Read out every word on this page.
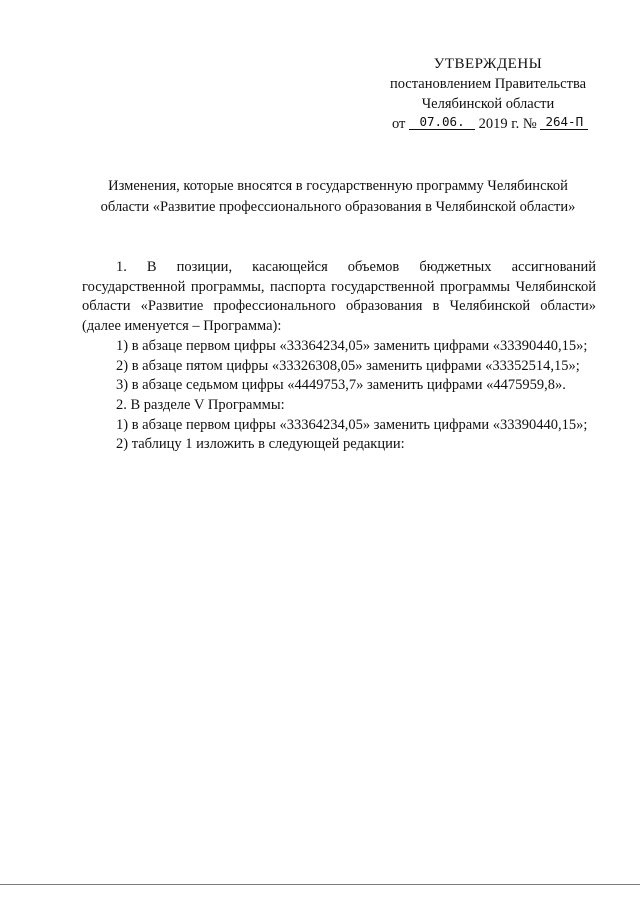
УТВЕРЖДЕНЫ
постановлением Правительства
Челябинской области
от 07.06. 2019 г. № 264-П
Изменения, которые вносятся в государственную программу Челябинской области «Развитие профессионального образования в Челябинской области»

1. В позиции, касающейся объемов бюджетных ассигнований государственной программы, паспорта государственной программы Челябинской области «Развитие профессионального образования в Челябинской области» (далее именуется – Программа):

1) в абзаце первом цифры «33364234,05» заменить цифрами «33390440,15»;

2) в абзаце пятом цифры «33326308,05» заменить цифрами «33352514,15»;

3) в абзаце седьмом цифры «4449753,7» заменить цифрами «4475959,8».

2. В разделе V Программы:

1) в абзаце первом цифры «33364234,05» заменить цифрами «33390440,15»;

2) таблицу 1 изложить в следующей редакции:
